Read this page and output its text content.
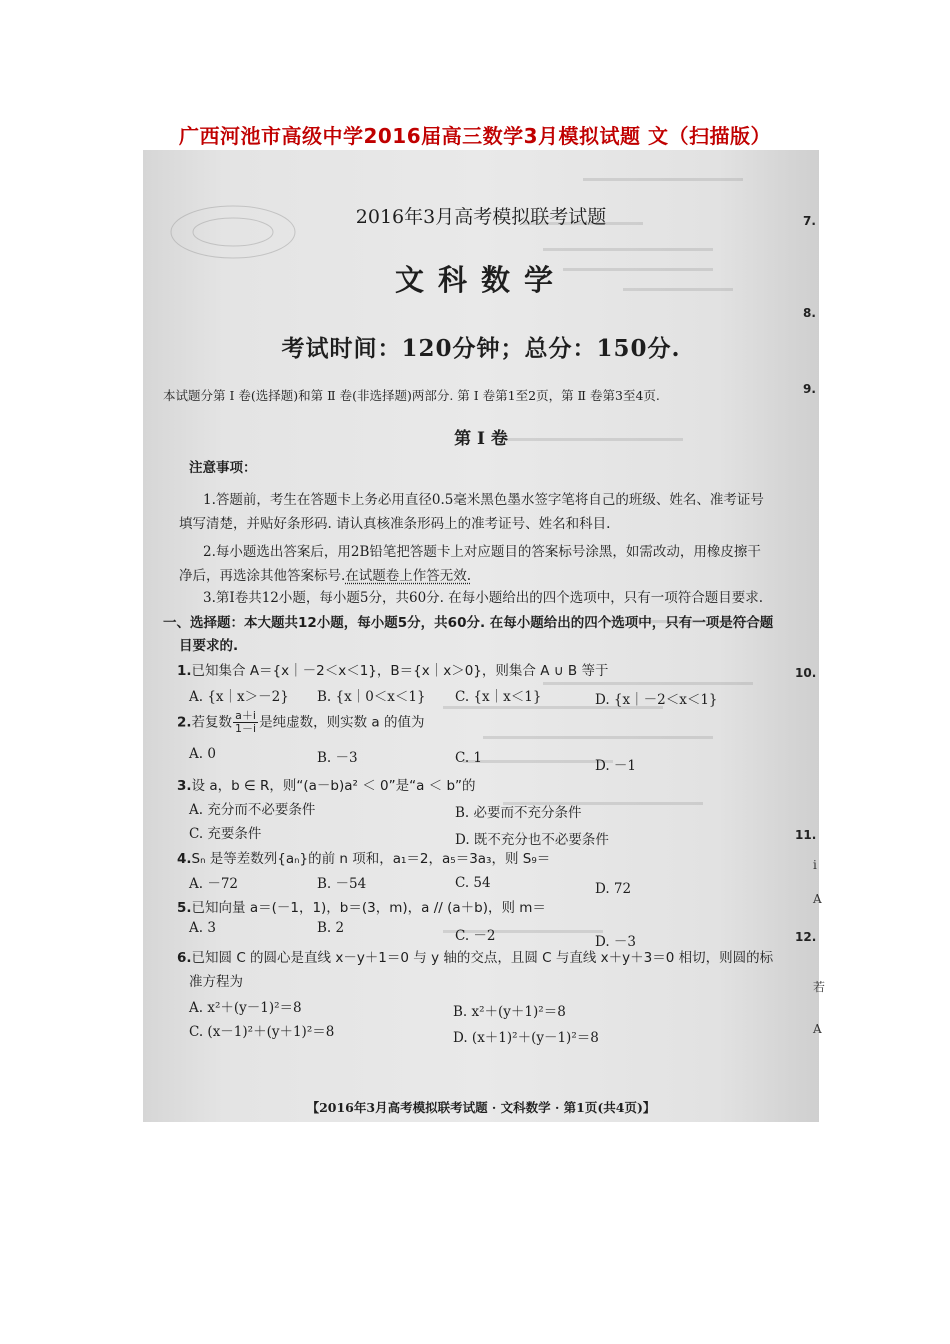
广西河池市高级中学2016届高三数学3月模拟试题 文（扫描版）
7.
8.
9.
10.
11.
i
A
12.
若
A
2016年3月高考模拟联考试题
文科数学
考试时间：120分钟；总分：150分.
本试题分第 Ⅰ 卷(选择题)和第 Ⅱ 卷(非选择题)两部分. 第 Ⅰ 卷第1至2页，第 Ⅱ 卷第3至4页.
第 Ⅰ 卷
注意事项：
1.答题前，考生在答题卡上务必用直径0.5毫米黑色墨水签字笔将自己的班级、姓名、准考证号
填写清楚，并贴好条形码. 请认真核准条形码上的准考证号、姓名和科目.
2.每小题选出答案后，用2B铅笔把答题卡上对应题目的答案标号涂黑，如需改动，用橡皮擦干
净后，再选涂其他答案标号.在试题卷上作答无效.
3.第Ⅰ卷共12小题，每小题5分，共60分. 在每小题给出的四个选项中，只有一项符合题目要求.
一、选择题：本大题共12小题，每小题5分，共60分. 在每小题给出的四个选项中，只有一项是符合题
目要求的.
1.已知集合 A＝{x｜－2＜x＜1}，B＝{x｜x＞0}，则集合 A ∪ B 等于
A. {x｜x＞－2} B. {x｜0＜x＜1} C. {x｜x＜1}	D. {x｜－2＜x＜1}
2.若复数 $\frac{a+i}{1-i}$ 是纯虚数，则实数 a 的值为
A. 0	B. －3	C. 1	D. －1
3.设 a，b ∈ R，则“(a－b)a² ＜ 0”是“a ＜ b”的
A. 充分而不必要条件	B. 必要而不充分条件
C. 充要条件	D. 既不充分也不必要条件
4.Sₙ 是等差数列{aₙ}的前 n 项和，a₁＝2，a₅＝3a₃，则 S₉＝
A. －72	B. －54	C. 54	D. 72
5.已知向量 a＝(－1，1)，b＝(3，m)，a // (a＋b)，则 m＝
A. 3	B. 2	C. －2	D. －3
6.已知圆 C 的圆心是直线 x－y＋1＝0 与 y 轴的交点，且圆 C 与直线 x＋y＋3＝0 相切，则圆的标
准方程为
A. x²＋(y－1)²＝8	B. x²＋(y＋1)²＝8
C. (x－1)²＋(y＋1)²＝8	D. (x＋1)²＋(y－1)²＝8
【2016年3月高考模拟联考试题 · 文科数学 · 第1页(共4页)】
